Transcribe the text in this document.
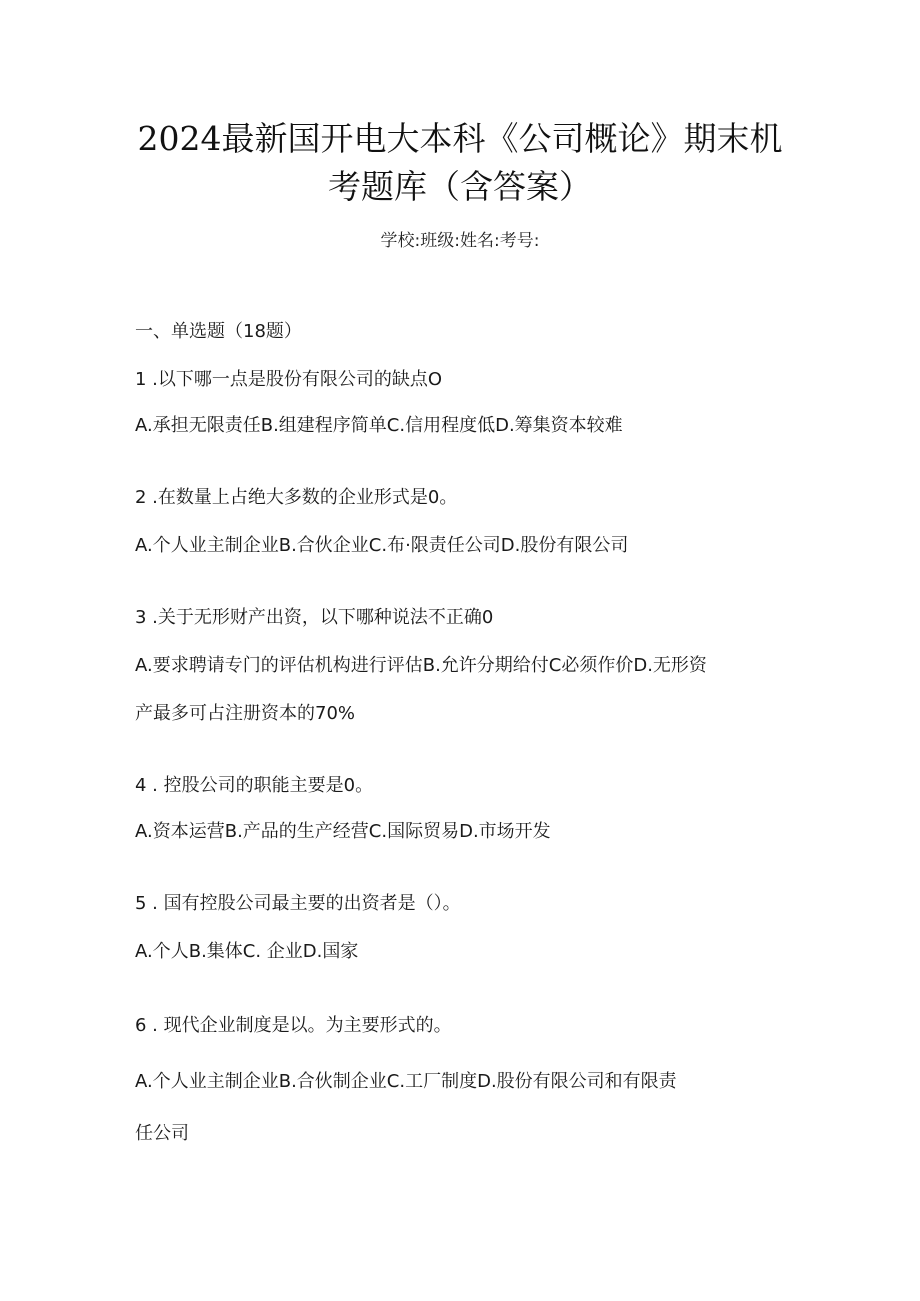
2024最新国开电大本科《公司概论》期末机
考题库（含答案）
学校:班级:姓名:考号:
一、单选题（18题）
1 .以下哪一点是股份有限公司的缺点O
A.承担无限责任B.组建程序简单C.信用程度低D.筹集资本较难
2 .在数量上占绝大多数的企业形式是0。
A.个人业主制企业B.合伙企业C.布·限责任公司D.股份有限公司
3 .关于无形财产出资，以下哪种说法不正确0
A.要求聘请专门的评估机构进行评估B.允许分期给付C必须作价D.无形资
产最多可占注册资本的70%
4 . 控股公司的职能主要是0。
A.资本运营B.产品的生产经营C.国际贸易D.市场开发
5 . 国有控股公司最主要的出资者是（）。
A.个人B.集体C. 企业D.国家
6 . 现代企业制度是以。为主要形式的。
A.个人业主制企业B.合伙制企业C.工厂制度D.股份有限公司和有限责
任公司
